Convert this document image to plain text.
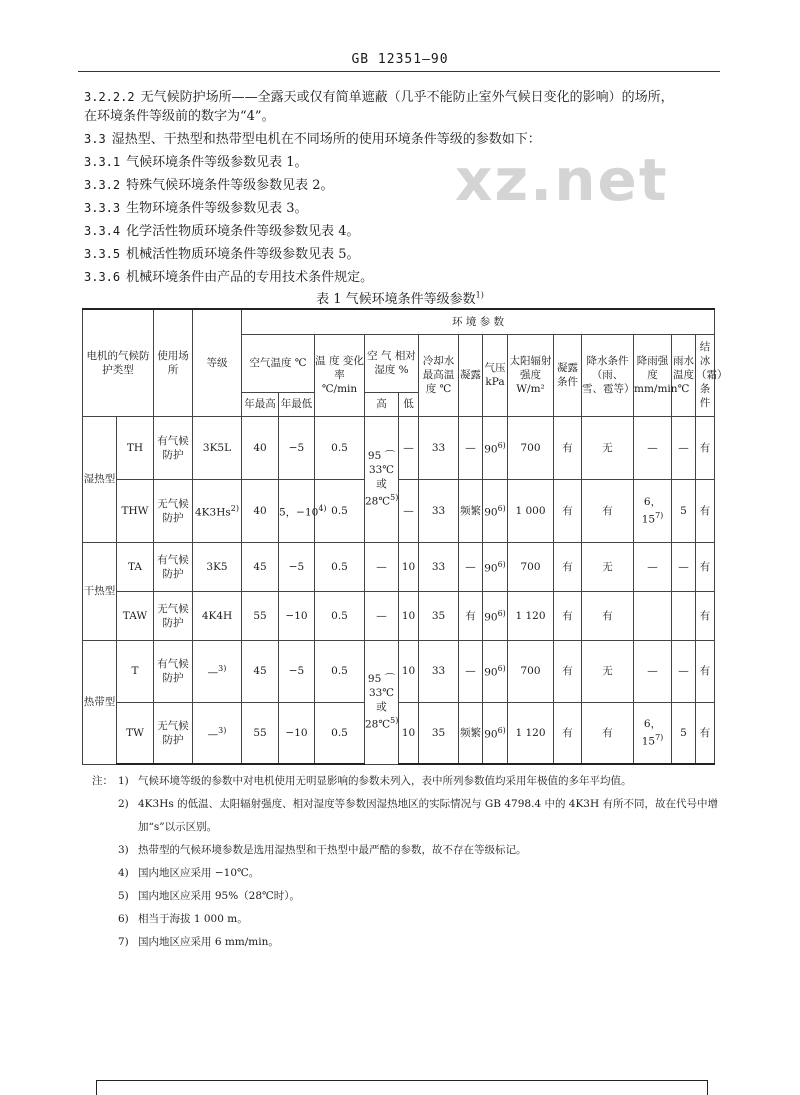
GB 12351—90
xz.net
3.2.2.2 无气候防护场所——全露天或仅有简单遮蔽（几乎不能防止室外气候日变化的影响）的场所，
在环境条件等级前的数字为“4”。
3.3 湿热型、干热型和热带型电机在不同场所的使用环境条件等级的参数如下：
3.3.1 气候环境条件等级参数见表 1。
3.3.2 特殊气候环境条件等级参数见表 2。
3.3.3 生物环境条件等级参数见表 3。
3.3.4 化学活性物质环境条件等级参数见表 4。
3.3.5 机械活性物质环境条件等级参数见表 5。
3.3.6 机械环境条件由产品的专用技术条件规定。
表 1 气候环境条件等级参数$^{1)}$
电机的气候防护类型		使用场所	等级	环 境 参 数													
				空气温度 ℃		温 度 变化率 ℃/min	空 气 相对湿度 %		冷却水最高温度 ℃	凝露	气压 kPa	太阳辐射强度 W/m²	凝露条件	降水条件（雨、雪、雹等）	降雨强度 mm/min	雨水温度 ℃	结冰（霜）条件
				年最高	年最低		高	低									
湿热型	TH	有气候防护	3K5L	40	−5	0.5	95 ⌒ 33℃ 或 28℃$^{5)}$	—	33	—	90$^{6)}$	700	有	无	—	—	有
	THW	无气候防护	4K3Hs$^{2)}$	40	5，$-10^{4)}$	0.5		—	33	频繁	90$^{6)}$	1 000	有	有	6，15$^{7)}$	5	有
干热型	TA	有气候防护	3K5	45	−5	0.5	—	10	33	—	90$^{6)}$	700	有	无	—	—	有
	TAW	无气候防护	4K4H	55	−10	0.5	—	10	35	有	90$^{6)}$	1 120	有	有			有
热带型	T	有气候防护	—$^{3)}$	45	−5	0.5	95 ⌒ 33℃ 或 28℃$^{5)}$	10	33	—	90$^{6)}$	700	有	无	—	—	有
	TW	无气候防护	—$^{3)}$	55	−10	0.5		10	35	频繁	90$^{6)}$	1 120	有	有	6，15$^{7)}$	5	有
注： 1) 气候环境等级的参数中对电机使用无明显影响的参数未列入，表中所列参数值均采用年极值的多年平均值。
2) 4K3Hs 的低温、太阳辐射强度、相对湿度等参数因湿热地区的实际情况与 GB 4798.4 中的 4K3H 有所不同，故在代号中增加“s”以示区别。
3) 热带型的气候环境参数是选用湿热型和干热型中最严酷的参数，故不存在等级标记。
4) 国内地区应采用 −10℃。
5) 国内地区应采用 95%（28℃时）。
6) 相当于海拔 1 000 m。
7) 国内地区应采用 6 mm/min。
